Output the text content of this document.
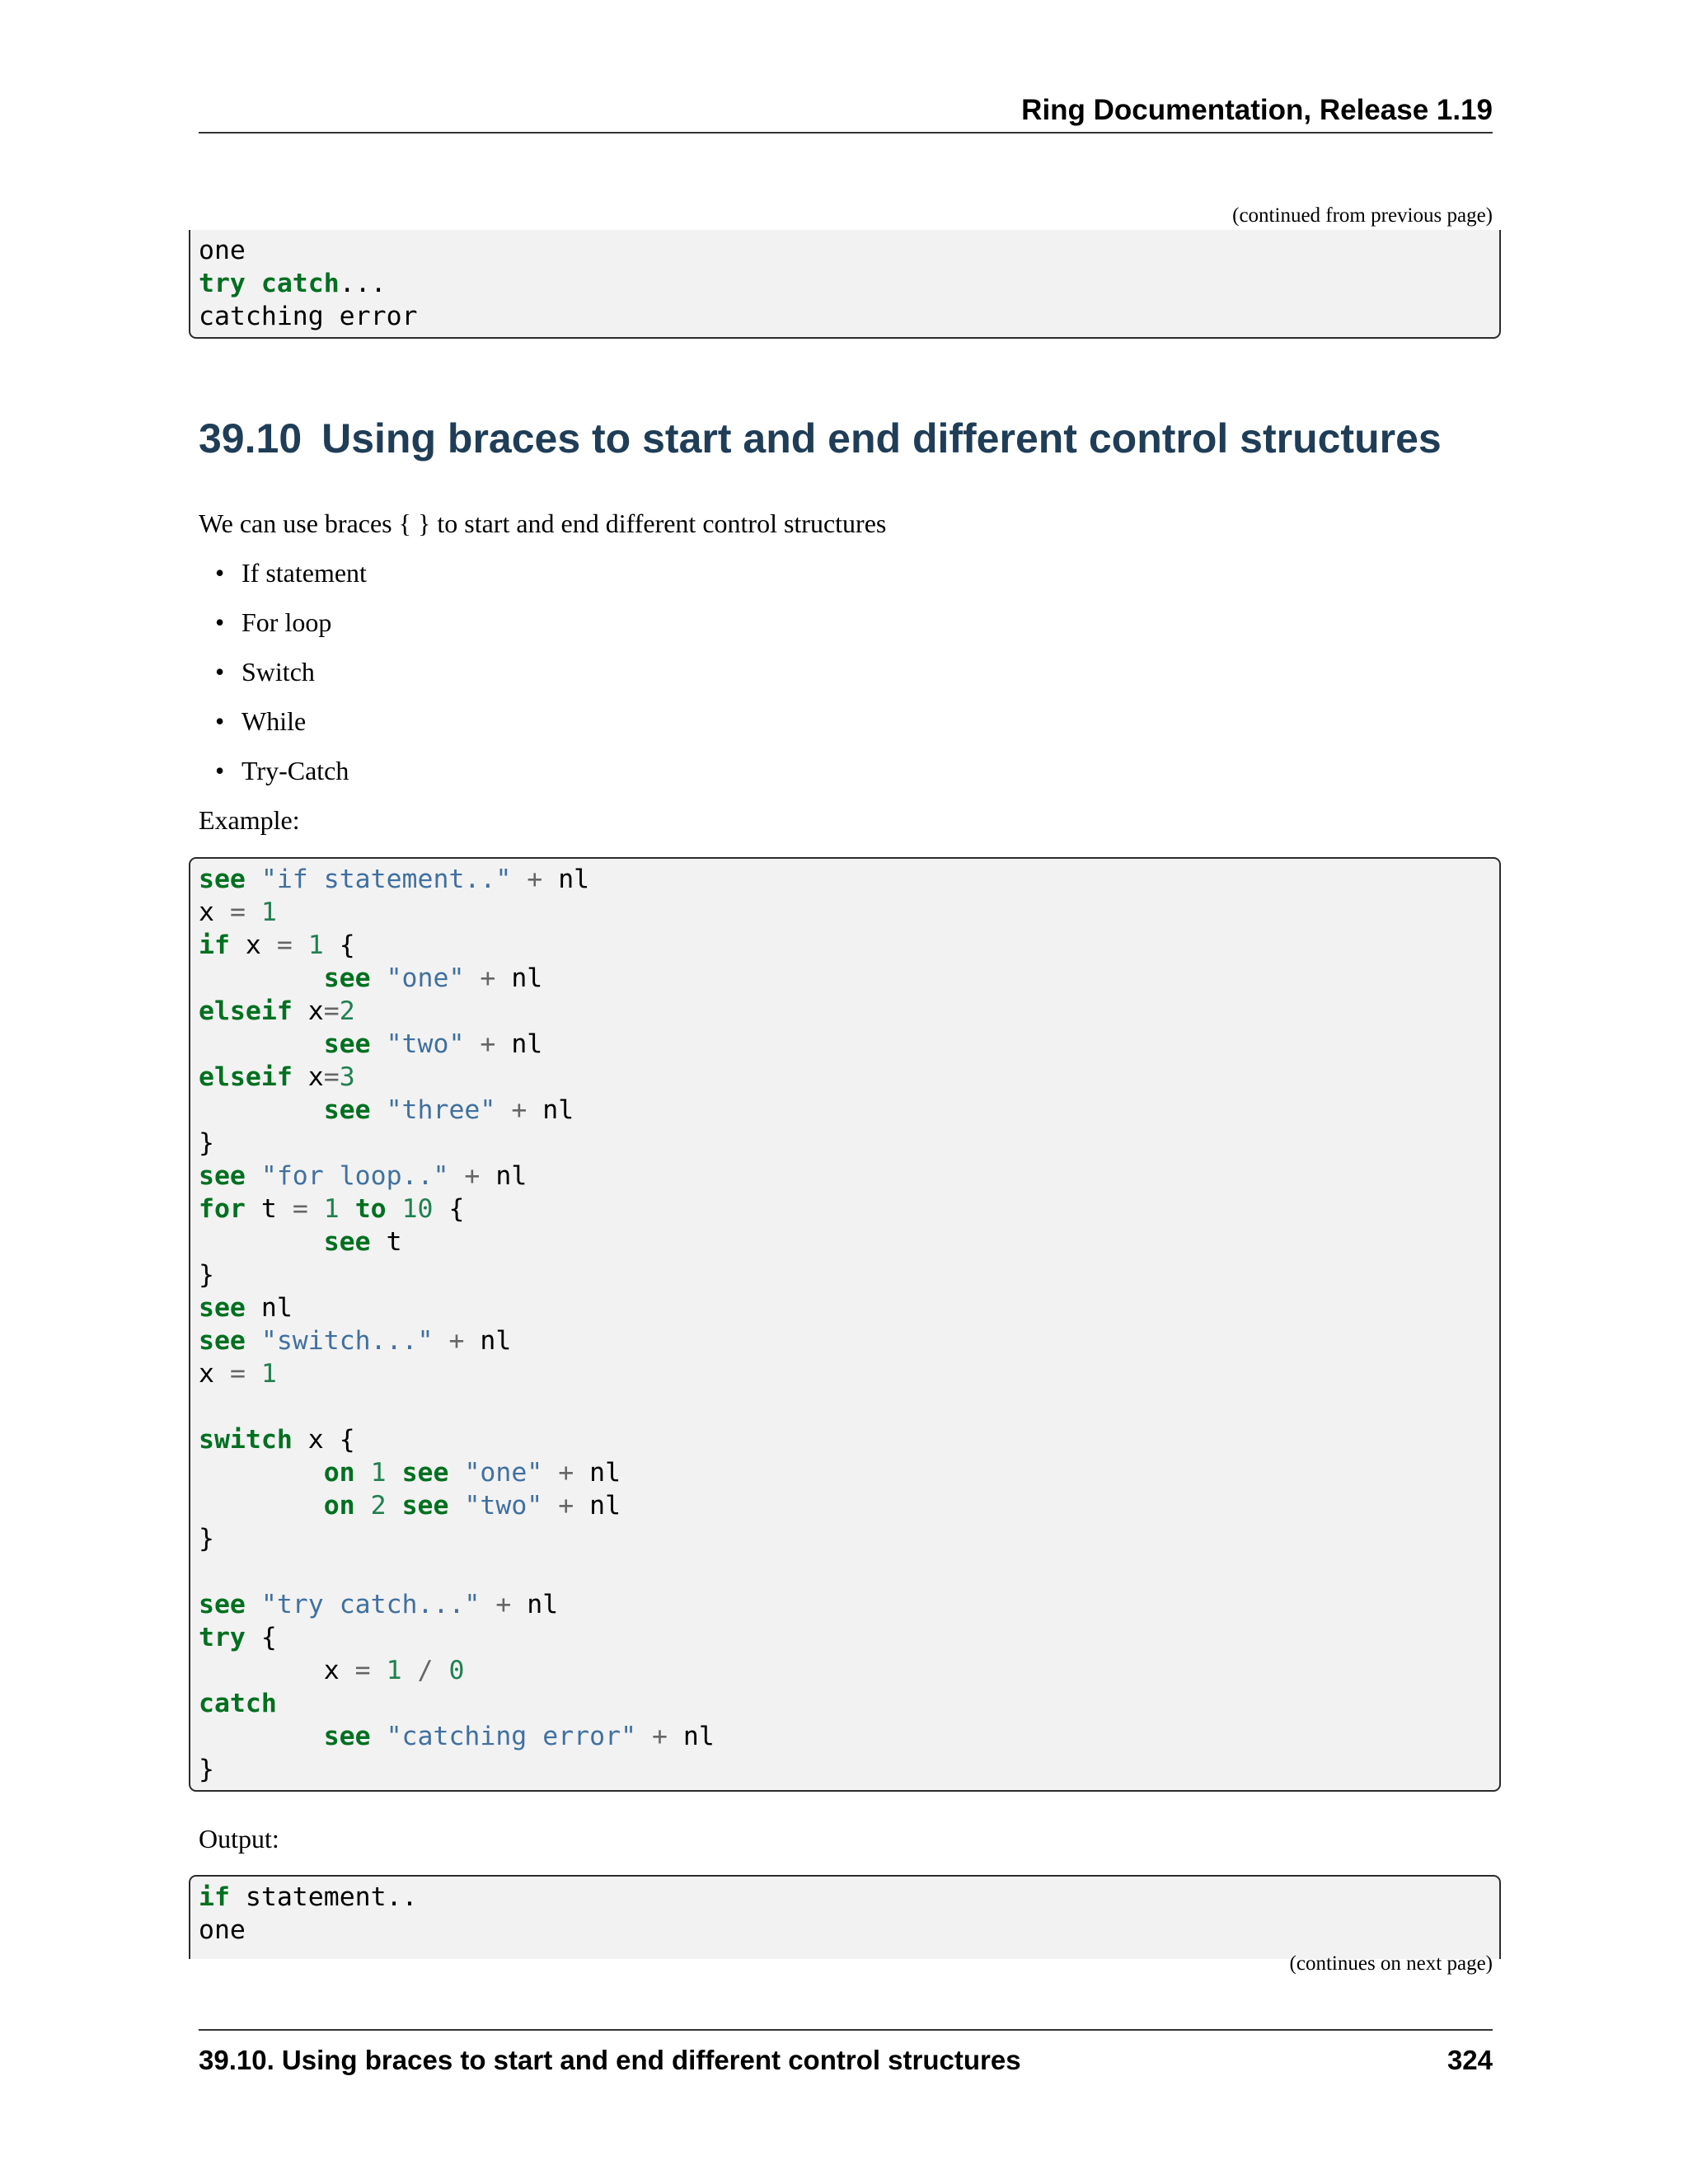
Ring Documentation, Release 1.19
(continued from previous page)
one
try catch...
catching error
39.10 Using braces to start and end different control structures
We can use braces { } to start and end different control structures
• If statement
• For loop
• Switch
• While
• Try-Catch
Example:
see "if statement.." + nl
x = 1
if x = 1 {
see "one" + nl
elseif x=2
see "two" + nl
elseif x=3
see "three" + nl
}
see "for loop.." + nl
for t = 1 to 10 {
see t
}
see nl
see "switch..." + nl
x = 1

switch x {
on 1 see "one" + nl
on 2 see "two" + nl
}

see "try catch..." + nl
try {
x = 1 / 0
catch
see "catching error" + nl
}
Output:
if statement..
one
(continues on next page)
39.10. Using braces to start and end different control structures	324
